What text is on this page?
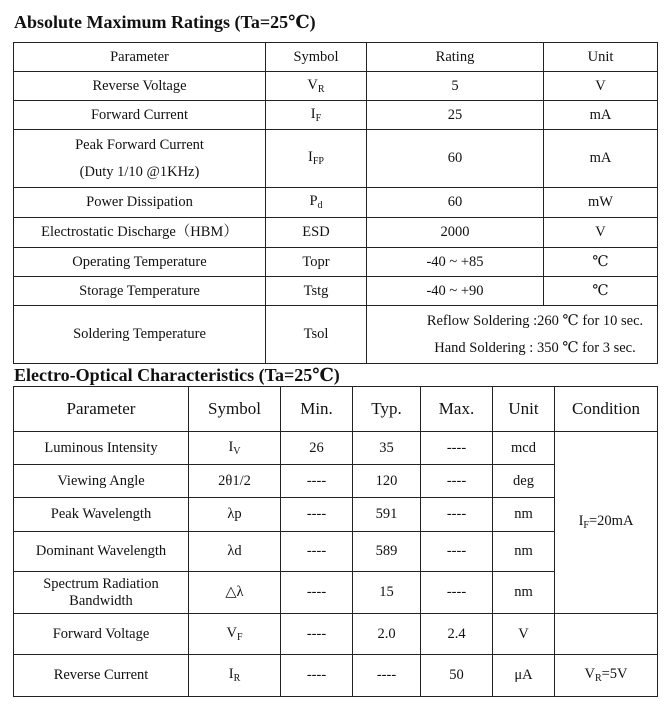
Absolute Maximum Ratings (Ta=25℃)
Parameter	Symbol	Rating	Unit
Reverse Voltage	$V_R$	5	V
Forward Current	$I_F$	25	mA

Peak Forward Current
(Duty 1/10 @1KHz)	$I_{FP}$	60	mA
Power Dissipation	$P_d$	60	mW
Electrostatic Discharge（HBM）	ESD	2000	V
Operating Temperature	Topr	-40 ~ +85	℃
Storage Temperature	Tstg	-40 ~ +90	℃
Soldering Temperature	Tsol	Reflow Soldering :260 ℃ for 10 sec.
Hand Soldering : 350 ℃ for 3 sec.	
Electro-Optical Characteristics (Ta=25℃)
Parameter	Symbol	Min.	Typ.	Max.	Unit	Condition
Luminous Intensity	$I_V$	26	35	----	mcd	$I_F=20mA$
Viewing Angle	2θ1/2	----	120	----	deg	
Peak Wavelength	λp	----	591	----	nm	
Dominant Wavelength	λd	----	589	----	nm	

Spectrum Radiation
Bandwidth	△λ	----	15	----	nm	
Forward Voltage	$V_F$	----	2.0	2.4	V	
Reverse Current	$I_R$	----	----	50	μA	$V_R=5V$
